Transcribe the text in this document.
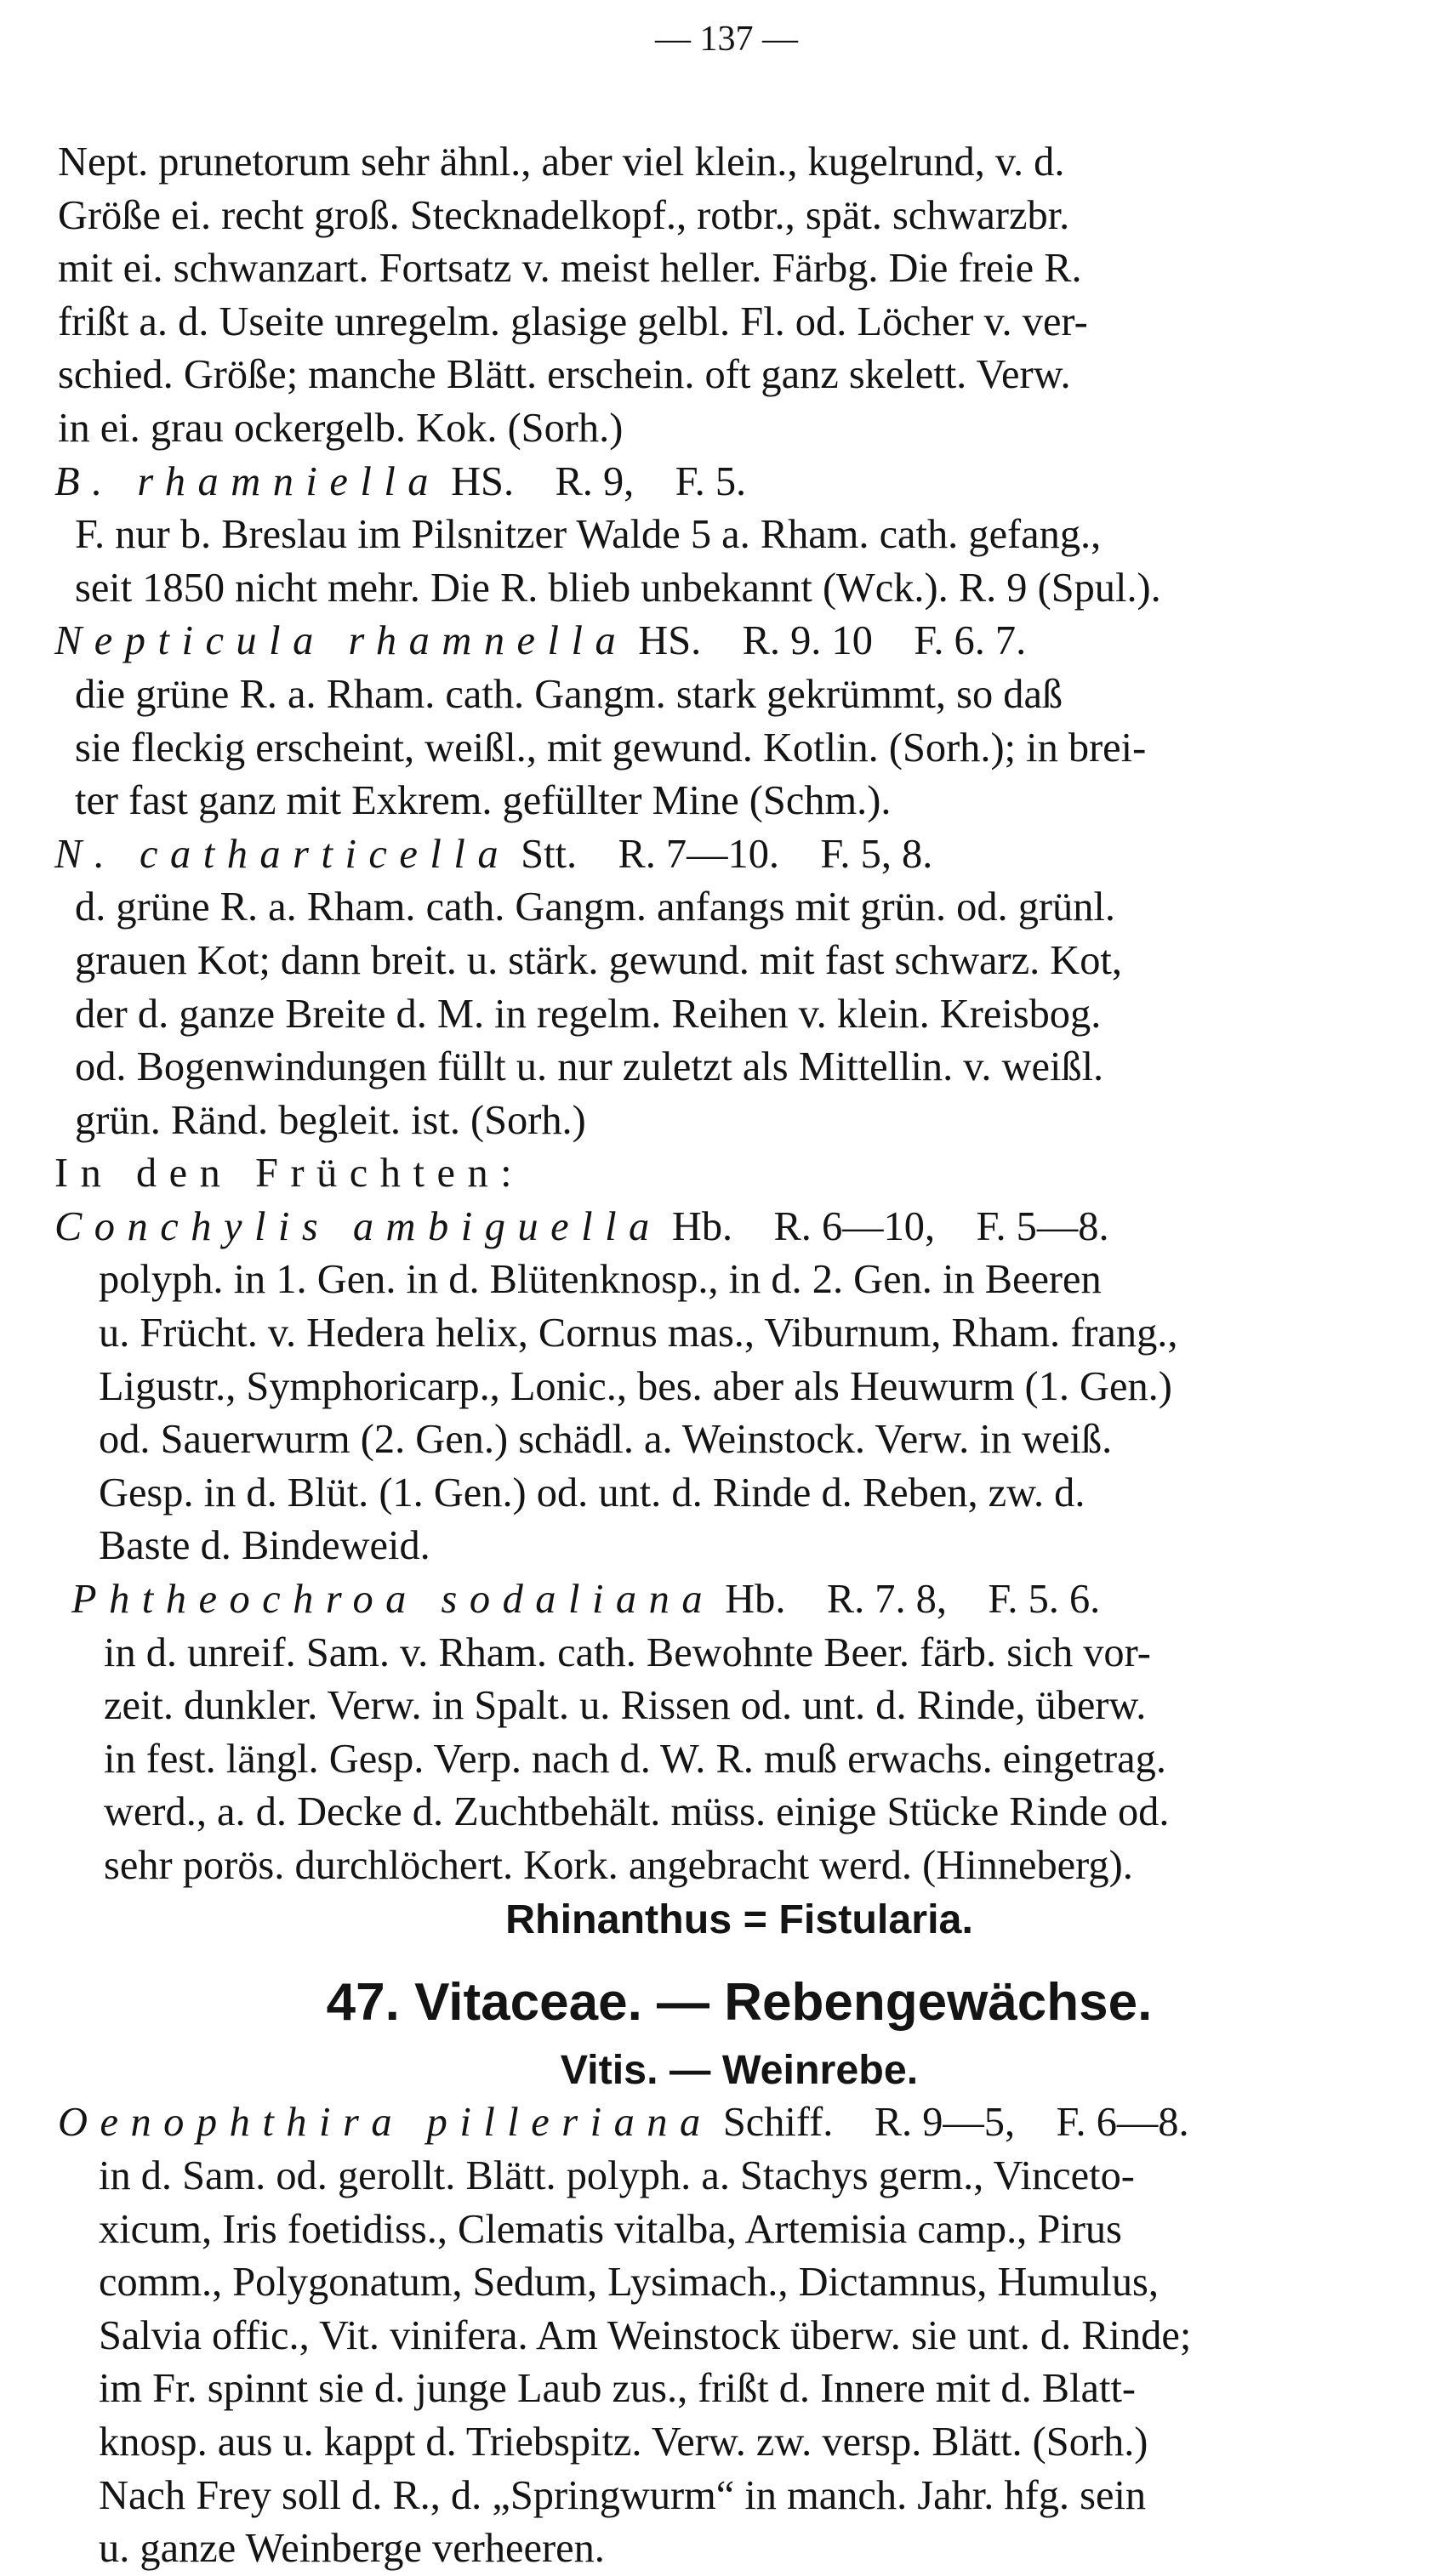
— 137 —
Nept. prunetorum sehr ähnl., aber viel klein., kugelrund, v. d.
Größe ei. recht groß. Stecknadelkopf., rotbr., spät. schwarzbr.
mit ei. schwanzart. Fortsatz v. meist heller. Färbg. Die freie R.
frißt a. d. Useite unregelm. glasige gelbl. Fl. od. Löcher v. ver-
schied. Größe; manche Blätt. erschein. oft ganz skelett. Verw.
in ei. grau ockergelb. Kok. (Sorh.)
B. rhamniella HS.    R. 9,    F. 5.
F. nur b. Breslau im Pilsnitzer Walde 5 a. Rham. cath. gefang.,
seit 1850 nicht mehr. Die R. blieb unbekannt (Wck.). R. 9 (Spul.).
Nepticula rhamnella HS.    R. 9. 10    F. 6. 7.
die grüne R. a. Rham. cath. Gangm. stark gekrümmt, so daß
sie fleckig erscheint, weißl., mit gewund. Kotlin. (Sorh.); in brei-
ter fast ganz mit Exkrem. gefüllter Mine (Schm.).
N. catharticella Stt.    R. 7—10.    F. 5, 8.
d. grüne R. a. Rham. cath. Gangm. anfangs mit grün. od. grünl.
grauen Kot; dann breit. u. stärk. gewund. mit fast schwarz. Kot,
der d. ganze Breite d. M. in regelm. Reihen v. klein. Kreisbog.
od. Bogenwindungen füllt u. nur zuletzt als Mittellin. v. weißl.
grün. Ränd. begleit. ist. (Sorh.)
In den Früchten:
Conchylis ambiguella Hb.    R. 6—10,    F. 5—8.
polyph. in 1. Gen. in d. Blütenknosp., in d. 2. Gen. in Beeren
u. Frücht. v. Hedera helix, Cornus mas., Viburnum, Rham. frang.,
Ligustr., Symphoricarp., Lonic., bes. aber als Heuwurm (1. Gen.)
od. Sauerwurm (2. Gen.) schädl. a. Weinstock. Verw. in weiß.
Gesp. in d. Blüt. (1. Gen.) od. unt. d. Rinde d. Reben, zw. d.
Baste d. Bindeweid.
Phtheochroa sodaliana Hb.    R. 7. 8,    F. 5. 6.
in d. unreif. Sam. v. Rham. cath. Bewohnte Beer. färb. sich vor-
zeit. dunkler. Verw. in Spalt. u. Rissen od. unt. d. Rinde, überw.
in fest. längl. Gesp. Verp. nach d. W. R. muß erwachs. eingetrag.
werd., a. d. Decke d. Zuchtbehält. müss. einige Stücke Rinde od.
sehr porös. durchlöchert. Kork. angebracht werd. (Hinneberg).
Rhinanthus = Fistularia.
47. Vitaceae. — Rebengewächse.
Vitis. — Weinrebe.
Oenophthira pilleriana Schiff.    R. 9—5,    F. 6—8.
in d. Sam. od. gerollt. Blätt. polyph. a. Stachys germ., Vinceto-
xicum, Iris foetidiss., Clematis vitalba, Artemisia camp., Pirus
comm., Polygonatum, Sedum, Lysimach., Dictamnus, Humulus,
Salvia offic., Vit. vinifera. Am Weinstock überw. sie unt. d. Rinde;
im Fr. spinnt sie d. junge Laub zus., frißt d. Innere mit d. Blatt-
knosp. aus u. kappt d. Triebspitz. Verw. zw. versp. Blätt. (Sorh.)
Nach Frey soll d. R., d. „Springwurm“ in manch. Jahr. hfg. sein
u. ganze Weinberge verheeren.
